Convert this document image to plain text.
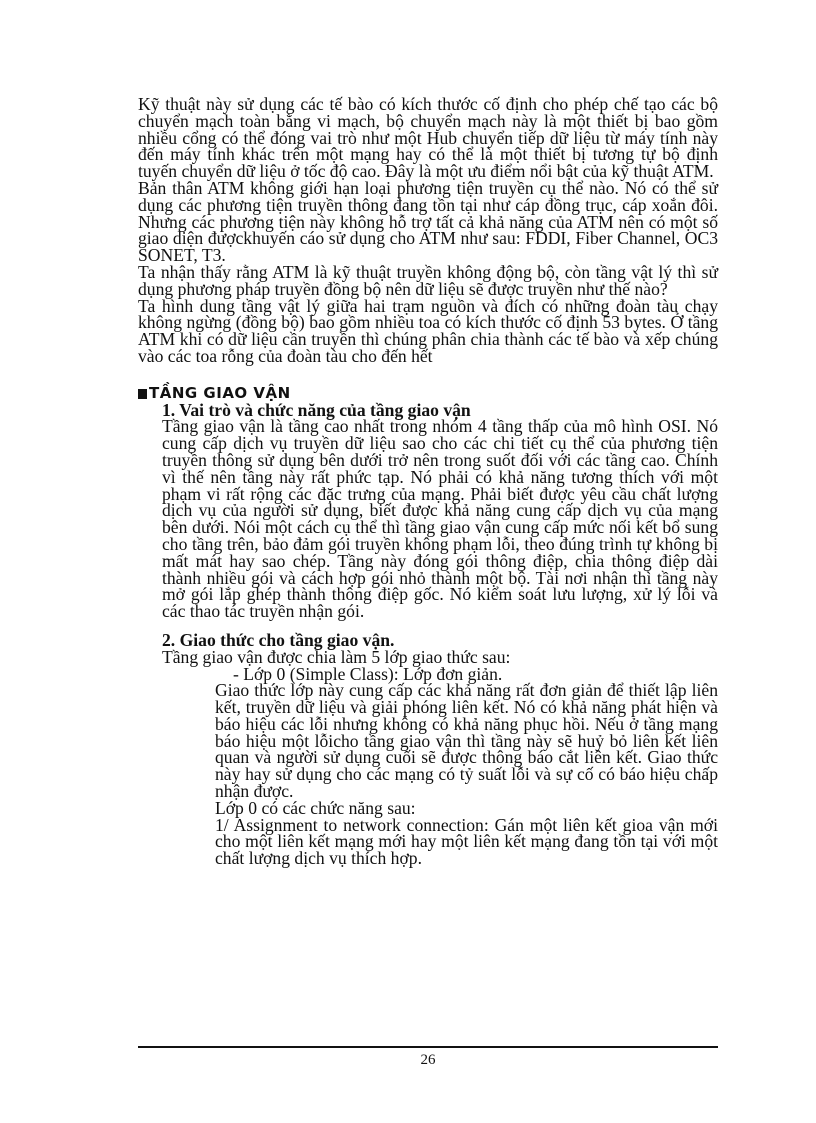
Kỹ thuật này sử dụng các tế bào có kích thước cố định cho phép chế tạo các bộ chuyển mạch toàn bằng vi mạch, bộ chuyển mạch này là một thiết bị bao gồm nhiều cổng có thể đóng vai trò như một Hub chuyển tiếp dữ liệu từ máy tính này đến máy tính khác trên một mạng hay có thể là một thiết bị tương tự bộ định tuyến chuyển dữ liệu ở tốc độ cao. Đây là một ưu điểm nổi bật của kỹ thuật ATM.

Bản thân ATM không giới hạn loại phương tiện truyền cụ thể nào. Nó có thể sử dụng các phương tiện truyền thông đang tồn tại như cáp đồng trục, cáp xoắn đôi. Nhưng các phương tiện này không hỗ trợ tất cả khả năng của ATM nên có một số giao diện đượckhuyến cáo sử dụng cho ATM như sau: FDDI, Fiber Channel, OC3 SONET, T3.

Ta nhận thấy rằng ATM là kỹ thuật truyền không động bộ, còn tầng vật lý thì sử dụng phương pháp truyền đồng bộ nên dữ liệu sẽ được truyền như thế nào?

Ta hình dung tầng vật lý giữa hai trạm nguồn và đích có những đoàn tàu chạy không ngừng (đồng bộ) bao gồm nhiều toa có kích thước cố định 53 bytes. Ở tầng ATM khi có dữ liệu cần truyền thì chúng phân chia thành các tế bào và xếp chúng vào các toa rỗng của đoàn tàu cho đến hết

TẦNG GIAO VẬN

1. Vai trò và chức năng của tầng giao vận

Tầng giao vận là tầng cao nhất trong nhóm 4 tầng thấp của mô hình OSI. Nó cung cấp dịch vụ truyền dữ liệu sao cho các chi tiết cụ thể của phương tiện truyền thông sử dụng bên dưới trở nên trong suốt đối với các tầng cao. Chính vì thế nên tầng này rất phức tạp. Nó phải có khả năng tương thích với một phạm vi rất rộng các đặc trưng của mạng. Phải biết được yêu cầu chất lượng dịch vụ của người sử dụng, biết được khả năng cung cấp dịch vụ của mạng bên dưới. Nói một cách cụ thể thì tầng giao vận cung cấp mức nối kết bổ sung cho tầng trên, bảo đảm gói truyền không phạm lỗi, theo đúng trình tự không bị mất mát hay sao chép. Tầng này đóng gói thông điệp, chia thông điệp dài thành nhiều gói và cách hợp gói nhỏ thành một bộ. Tài nơi nhận thì tầng này mở gói lắp ghép thành thông điệp gốc. Nó kiểm soát lưu lượng, xử lý lỗi và các thao tác truyền nhận gói.

2. Giao thức cho tầng giao vận.

Tầng giao vận được chia làm 5 lớp giao thức sau:

- Lớp 0 (Simple Class): Lớp đơn giản.

Giao thức lớp này cung cấp các khả năng rất đơn giản để thiết lập liên kết, truyền dữ liệu và giải phóng liên kết. Nó có khả năng phát hiện và báo hiệu các lỗi nhưng không có khả năng phục hồi. Nếu ở tầng mạng báo hiệu một lỗicho tầng giao vận thì tầng này sẽ huỷ bỏ liên kết liên quan và người sử dụng cuối sẽ được thông báo cắt liên kết. Giao thức này hay sử dụng cho các mạng có tỷ suất lỗi và sự cố có báo hiệu chấp nhận được.

Lớp 0 có các chức năng sau:

1/ Assignment to network connection: Gán một liên kết gioa vận mới cho một liên kết mạng mới hay một liên kết mạng đang tồn tại với một chất lượng dịch vụ thích hợp.

26
